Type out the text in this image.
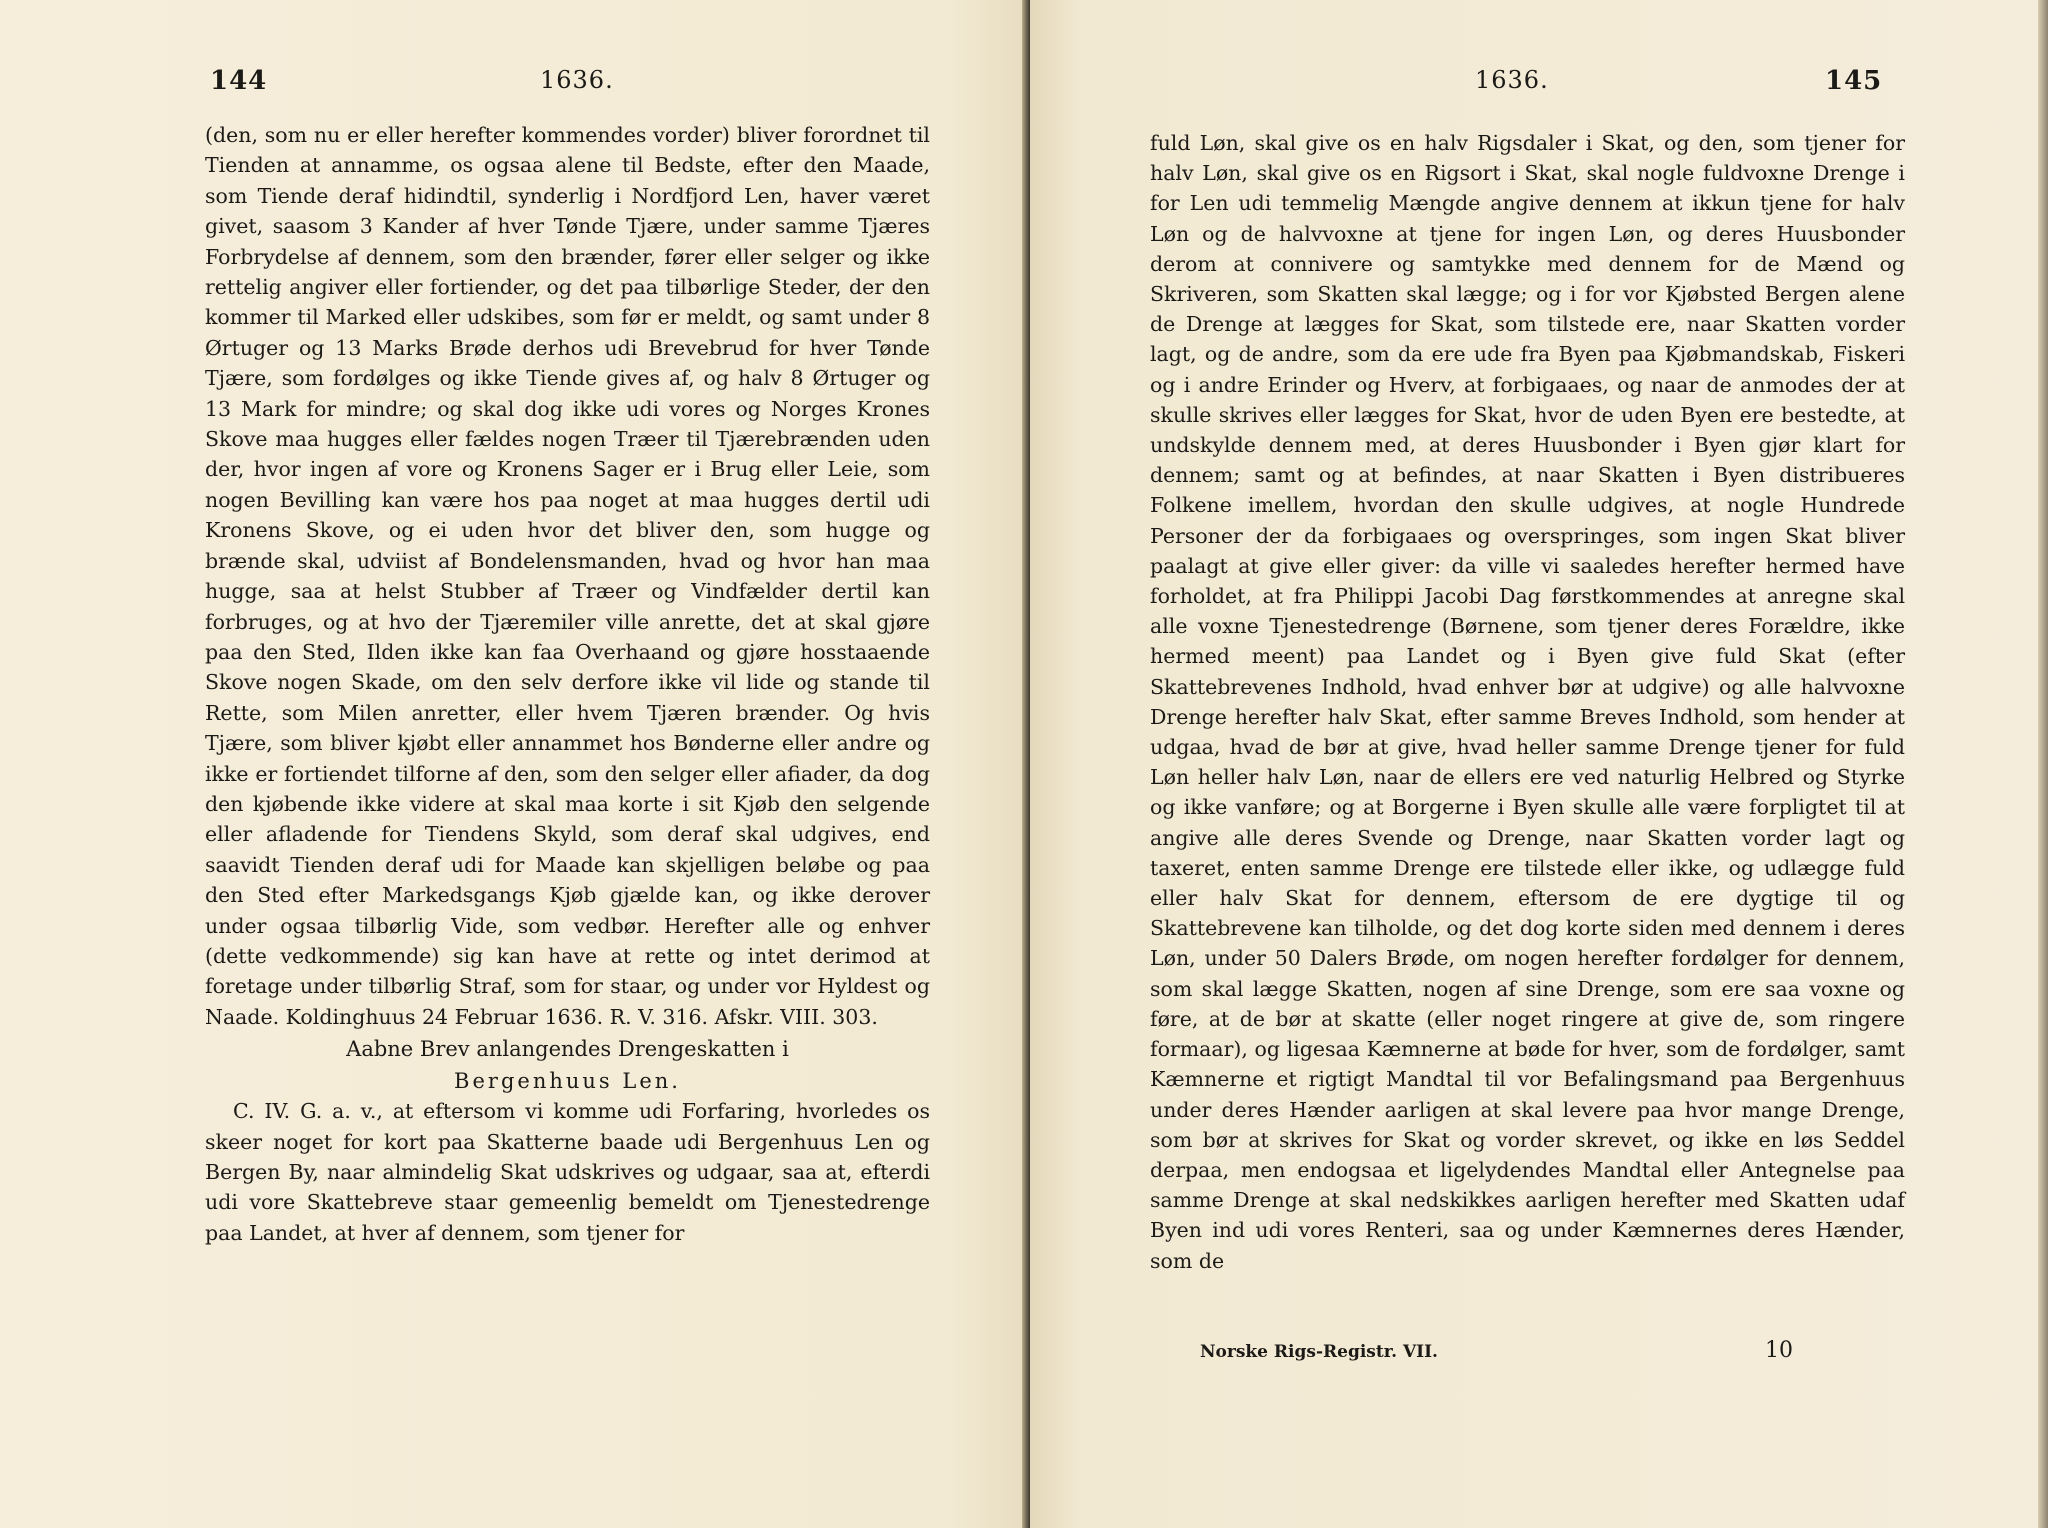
144	1636.

(den, som nu er eller herefter kommendes vorder) bliver forordnet til Tienden at annamme, os ogsaa alene til Bedste, efter den Maade, som Tiende deraf hidindtil, synderlig i Nordfjord Len, haver været givet, saasom 3 Kander af hver Tønde Tjære, under samme Tjæres Forbrydelse af dennem, som den brænder, fører eller selger og ikke rettelig angiver eller fortiender, og det paa tilbørlige Steder, der den kommer til Marked eller udskibes, som før er meldt, og samt under 8 Ørtuger og 13 Marks Brøde derhos udi Brevebrud for hver Tønde Tjære, som fordølges og ikke Tiende gives af, og halv 8 Ørtuger og 13 Mark for mindre; og skal dog ikke udi vores og Norges Krones Skove maa hugges eller fældes nogen Træer til Tjærebrænden uden der, hvor ingen af vore og Kronens Sager er i Brug eller Leie, som nogen Bevilling kan være hos paa noget at maa hugges dertil udi Kronens Skove, og ei uden hvor det bliver den, som hugge og brænde skal, udviist af Bondelensmanden, hvad og hvor han maa hugge, saa at helst Stubber af Træer og Vindfælder dertil kan forbruges, og at hvo der Tjæremiler ville anrette, det at skal gjøre paa den Sted, Ilden ikke kan faa Overhaand og gjøre hosstaaende Skove nogen Skade, om den selv derfore ikke vil lide og stande til Rette, som Milen anretter, eller hvem Tjæren brænder. Og hvis Tjære, som bliver kjøbt eller annammet hos Bønderne eller andre og ikke er fortiendet tilforne af den, som den selger eller afiader, da dog den kjøbende ikke videre at skal maa korte i sit Kjøb den selgende eller afladende for Tiendens Skyld, som deraf skal udgives, end saavidt Tienden deraf udi for Maade kan skjelligen beløbe og paa den Sted efter Markedsgangs Kjøb gjælde kan, og ikke derover under ogsaa tilbørlig Vide, som vedbør. Herefter alle og enhver (dette vedkommende) sig kan have at rette og intet derimod at foretage under tilbørlig Straf, som for staar, og under vor Hyldest og Naade. Koldinghuus 24 Februar 1636. R. V. 316. Afskr. VIII. 303.

Aabne Brev anlangendes Drengeskatten i
Bergenhuus Len.

C. IV. G. a. v., at eftersom vi komme udi Forfaring, hvorledes os skeer noget for kort paa Skatterne baade udi Bergenhuus Len og Bergen By, naar almindelig Skat udskrives og udgaar, saa at, efterdi udi vore Skattebreve staar gemeenlig bemeldt om Tjenestedrenge paa Landet, at hver af dennem, som tjener for

1636.	145

fuld Løn, skal give os en halv Rigsdaler i Skat, og den, som tjener for halv Løn, skal give os en Rigsort i Skat, skal nogle fuldvoxne Drenge i for Len udi temmelig Mængde angive dennem at ikkun tjene for halv Løn og de halvvoxne at tjene for ingen Løn, og deres Huusbonder derom at connivere og samtykke med dennem for de Mænd og Skriveren, som Skatten skal lægge; og i for vor Kjøbsted Bergen alene de Drenge at lægges for Skat, som tilstede ere, naar Skatten vorder lagt, og de andre, som da ere ude fra Byen paa Kjøbmandskab, Fiskeri og i andre Erinder og Hverv, at forbigaaes, og naar de anmodes der at skulle skrives eller lægges for Skat, hvor de uden Byen ere bestedte, at undskylde dennem med, at deres Huusbonder i Byen gjør klart for dennem; samt og at befindes, at naar Skatten i Byen distribueres Folkene imellem, hvordan den skulle udgives, at nogle Hundrede Personer der da forbigaaes og overspringes, som ingen Skat bliver paalagt at give eller giver: da ville vi saaledes herefter hermed have forholdet, at fra Philippi Jacobi Dag førstkommendes at anregne skal alle voxne Tjenestedrenge (Børnene, som tjener deres Forældre, ikke hermed meent) paa Landet og i Byen give fuld Skat (efter Skattebrevenes Indhold, hvad enhver bør at udgive) og alle halvvoxne Drenge herefter halv Skat, efter samme Breves Indhold, som hender at udgaa, hvad de bør at give, hvad heller samme Drenge tjener for fuld Løn heller halv Løn, naar de ellers ere ved naturlig Helbred og Styrke og ikke vanføre; og at Borgerne i Byen skulle alle være forpligtet til at angive alle deres Svende og Drenge, naar Skatten vorder lagt og taxeret, enten samme Drenge ere tilstede eller ikke, og udlægge fuld eller halv Skat for dennem, eftersom de ere dygtige til og Skattebrevene kan tilholde, og det dog korte siden med dennem i deres Løn, under 50 Dalers Brøde, om nogen herefter fordølger for dennem, som skal lægge Skatten, nogen af sine Drenge, som ere saa voxne og føre, at de bør at skatte (eller noget ringere at give de, som ringere formaar), og ligesaa Kæmnerne at bøde for hver, som de fordølger, samt Kæmnerne et rigtigt Mandtal til vor Befalingsmand paa Bergenhuus under deres Hænder aarligen at skal levere paa hvor mange Drenge, som bør at skrives for Skat og vorder skrevet, og ikke en løs Seddel derpaa, men endogsaa et ligelydendes Mandtal eller Antegnelse paa samme Drenge at skal nedskikkes aarligen herefter med Skatten udaf Byen ind udi vores Renteri, saa og under Kæmnernes deres Hænder, som de

Norske Rigs-Registr. VII.	10
